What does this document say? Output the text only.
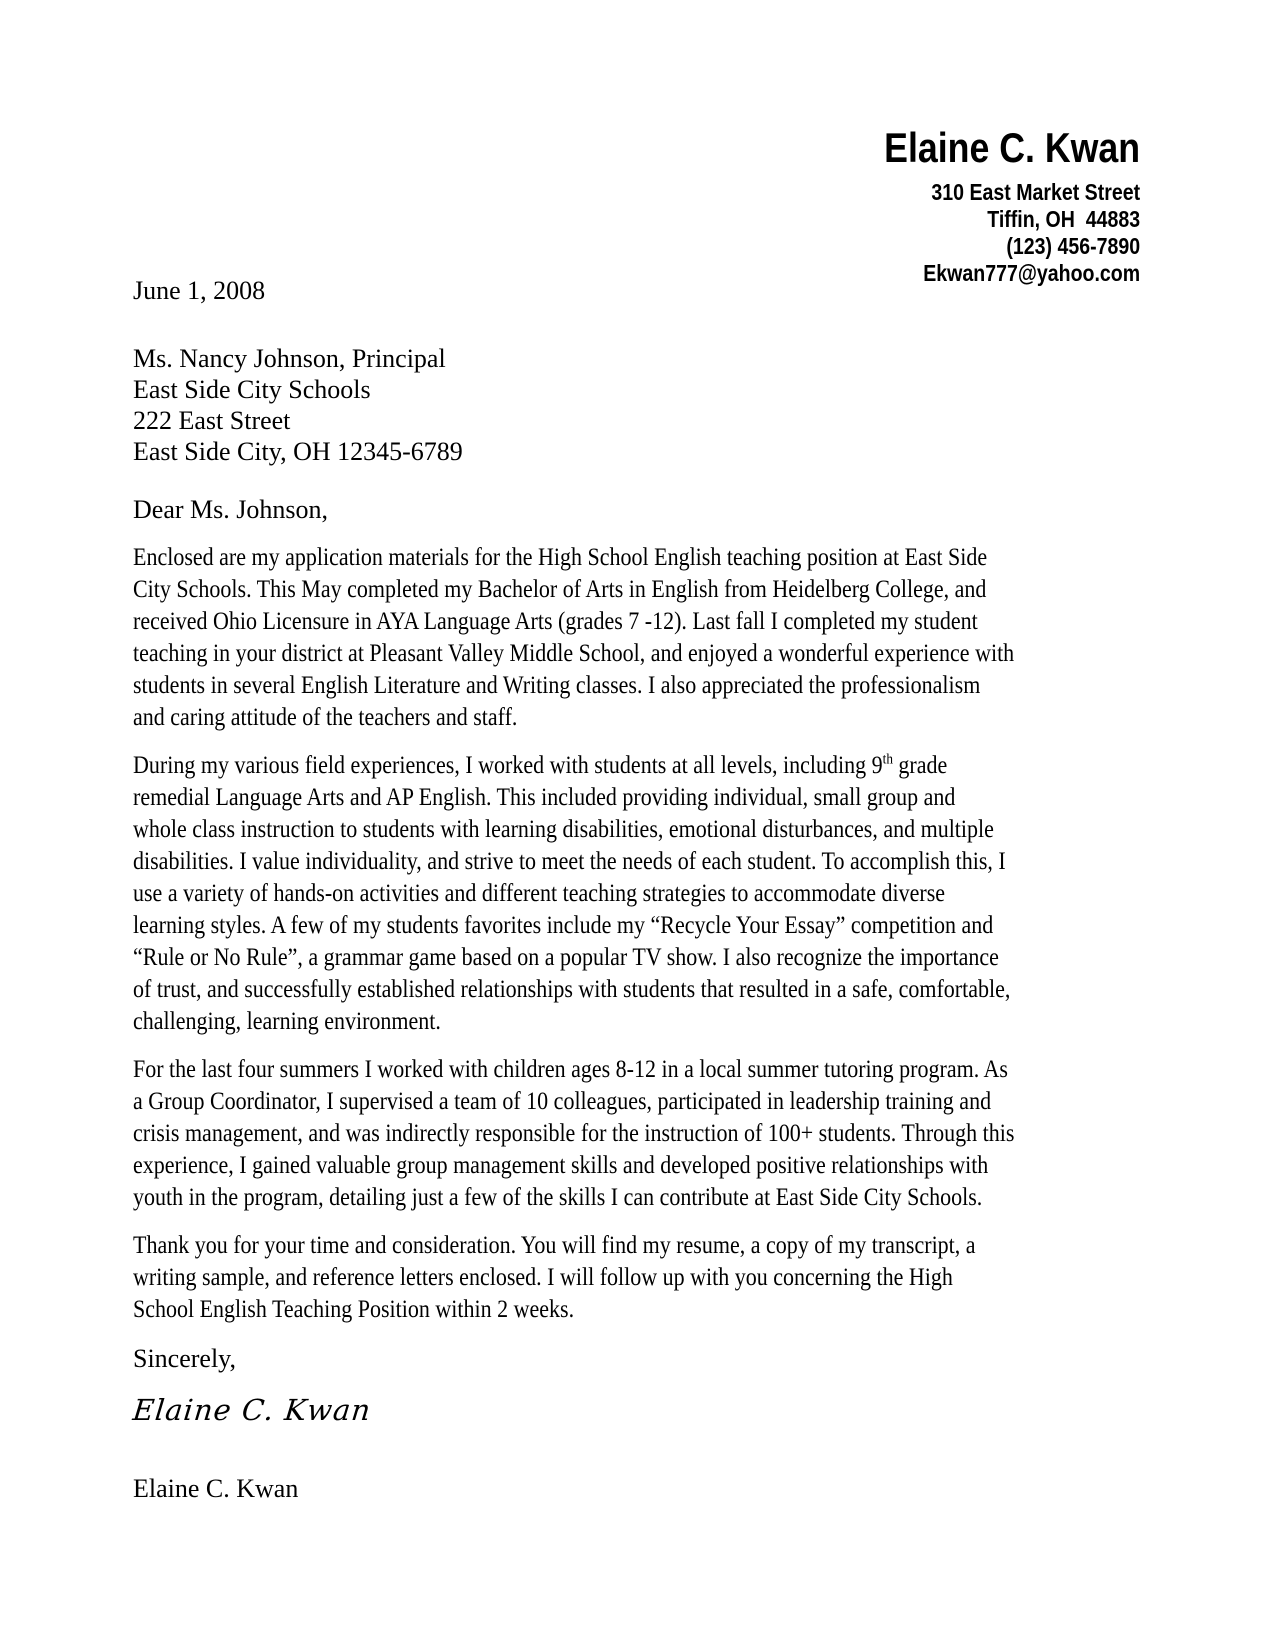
Elaine C. Kwan
310 East Market Street
Tiffin, OH  44883
(123) 456-7890
Ekwan777@yahoo.com
June 1, 2008
Ms. Nancy Johnson, Principal
East Side City Schools
222 East Street
East Side City, OH 12345-6789
Dear Ms. Johnson,
Enclosed are my application materials for the High School English teaching position at East Side
City Schools. This May completed my Bachelor of Arts in English from Heidelberg College, and
received Ohio Licensure in AYA Language Arts (grades 7 -12). Last fall I completed my student
teaching in your district at Pleasant Valley Middle School, and enjoyed a wonderful experience with
students in several English Literature and Writing classes. I also appreciated the professionalism
and caring attitude of the teachers and staff.
During my various field experiences, I worked with students at all levels, including 9th grade
remedial Language Arts and AP English. This included providing individual, small group and
whole class instruction to students with learning disabilities, emotional disturbances, and multiple
disabilities. I value individuality, and strive to meet the needs of each student. To accomplish this, I
use a variety of hands-on activities and different teaching strategies to accommodate diverse
learning styles. A few of my students favorites include my “Recycle Your Essay” competition and
“Rule or No Rule”, a grammar game based on a popular TV show. I also recognize the importance
of trust, and successfully established relationships with students that resulted in a safe, comfortable,
challenging, learning environment.
For the last four summers I worked with children ages 8-12 in a local summer tutoring program. As
a Group Coordinator, I supervised a team of 10 colleagues, participated in leadership training and
crisis management, and was indirectly responsible for the instruction of 100+ students. Through this
experience, I gained valuable group management skills and developed positive relationships with
youth in the program, detailing just a few of the skills I can contribute at East Side City Schools.
Thank you for your time and consideration. You will find my resume, a copy of my transcript, a
writing sample, and reference letters enclosed. I will follow up with you concerning the High
School English Teaching Position within 2 weeks.
Sincerely,
Elaine C. Kwan
Elaine C. Kwan
